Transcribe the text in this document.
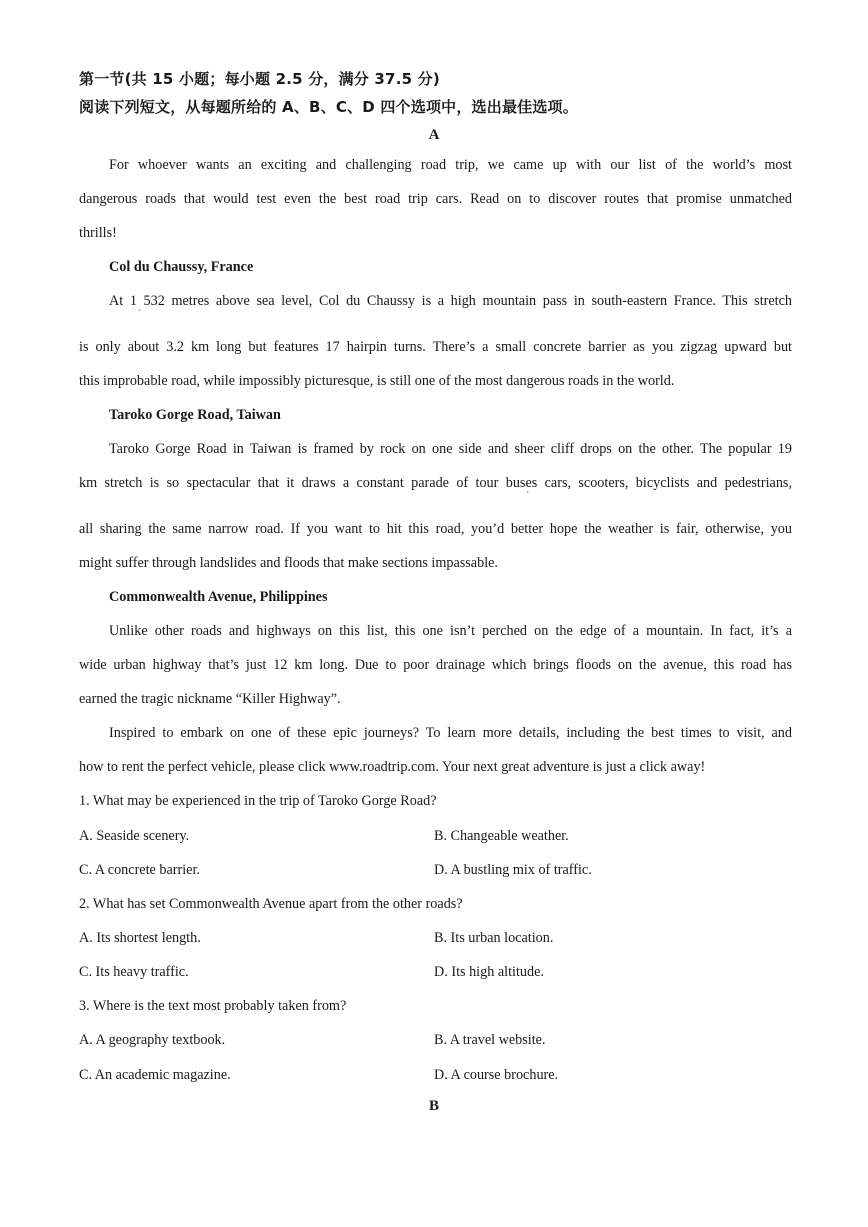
第一节(共 15 小题；每小题 2.5 分，满分 37.5 分)
阅读下列短文，从每题所给的 A、B、C、D 四个选项中，选出最佳选项。
A
For whoever wants an exciting and challenging road trip, we came up with our list of the world’s most
dangerous roads that would test even the best road trip cars. Read on to discover routes that promise unmatched
thrills!
Col du Chaussy, France
At 1 532 metres above sea level, Col du Chaussy is a high mountain pass in south-eastern France. This stretch
ˋ
is only about 3.2 km long but features 17 hairpin turns. There’s a small concrete barrier as you zigzag upward but
this improbable road, while impossibly picturesque, is still one of the most dangerous roads in the world.
Taroko Gorge Road, Taiwan
Taroko Gorge Road in Taiwan is framed by rock on one side and sheer cliff drops on the other. The popular 19
km stretch is so spectacular that it draws a constant parade of tour buses cars, scooters, bicyclists and pedestrians,
ˋ
all sharing the same narrow road. If you want to hit this road, you’d better hope the weather is fair, otherwise, you
might suffer through landslides and floods that make sections impassable.
Commonwealth Avenue, Philippines
Unlike other roads and highways on this list, this one isn’t perched on the edge of a mountain. In fact, it’s a
wide urban highway that’s just 12 km long. Due to poor drainage which brings floods on the avenue, this road has
earned the tragic nickname “Killer Highway”.
Inspired to embark on one of these epic journeys? To learn more details, including the best times to visit, and
how to rent the perfect vehicle, please click www.roadtrip.com. Your next great adventure is just a click away!
1. What may be experienced in the trip of Taroko Gorge Road?
A. Seaside scenery.	B. Changeable weather.
C. A concrete barrier.	D. A bustling mix of traffic.
2. What has set Commonwealth Avenue apart from the other roads?
A. Its shortest length.	B. Its urban location.
C. Its heavy traffic.	D. Its high altitude.
3. Where is the text most probably taken from?
A. A geography textbook.	B. A travel website.
C. An academic magazine.	D. A course brochure.
B
